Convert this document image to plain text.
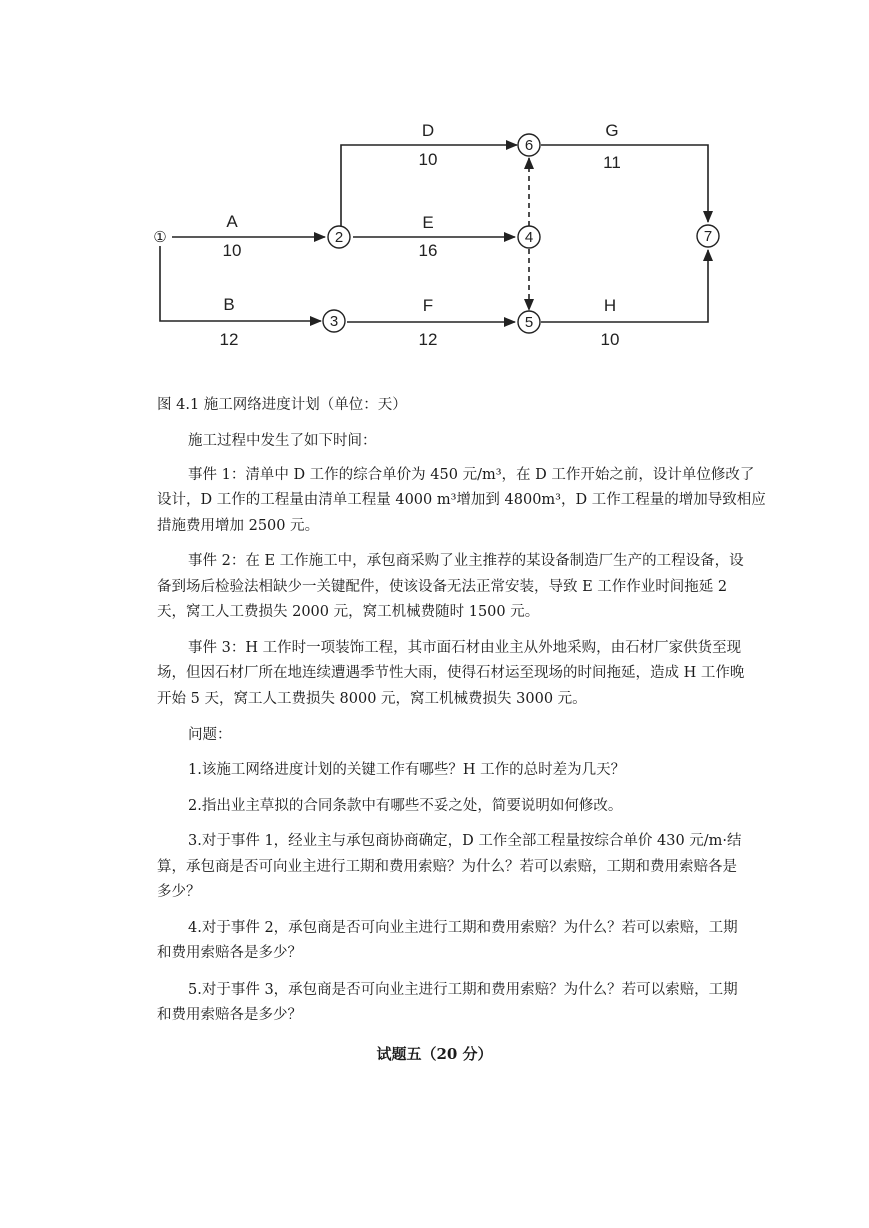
①	2
3
4
5
6
7
A
10
B
12
D
10
E
16
F
12
G
11
H
10
图 4.1 施工网络进度计划（单位：天）
施工过程中发生了如下时间：
事件 1：清单中 D 工作的综合单价为 450 元/m³，在 D 工作开始之前，设计单位修改了
设计，D 工作的工程量由清单工程量 4000 m³增加到 4800m³，D 工作工程量的增加导致相应
措施费用增加 2500 元。
事件 2：在 E 工作施工中，承包商采购了业主推荐的某设备制造厂生产的工程设备，设
备到场后检验法相缺少一关键配件，使该设备无法正常安装，导致 E 工作作业时间拖延 2
天，窝工人工费损失 2000 元，窝工机械费随时 1500 元。
事件 3：H 工作时一项装饰工程，其市面石材由业主从外地采购，由石材厂家供货至现
场，但因石材厂所在地连续遭遇季节性大雨，使得石材运至现场的时间拖延，造成 H 工作晚
开始 5 天，窝工人工费损失 8000 元，窝工机械费损失 3000 元。
问题：
1.该施工网络进度计划的关键工作有哪些？H 工作的总时差为几天？
2.指出业主草拟的合同条款中有哪些不妥之处，简要说明如何修改。
3.对于事件 1，经业主与承包商协商确定，D 工作全部工程量按综合单价 430 元/m·结
算，承包商是否可向业主进行工期和费用索赔？为什么？若可以索赔，工期和费用索赔各是
多少？
4.对于事件 2，承包商是否可向业主进行工期和费用索赔？为什么？若可以索赔，工期
和费用索赔各是多少？
5.对于事件 3，承包商是否可向业主进行工期和费用索赔？为什么？若可以索赔，工期
和费用索赔各是多少？
试题五（20 分）
